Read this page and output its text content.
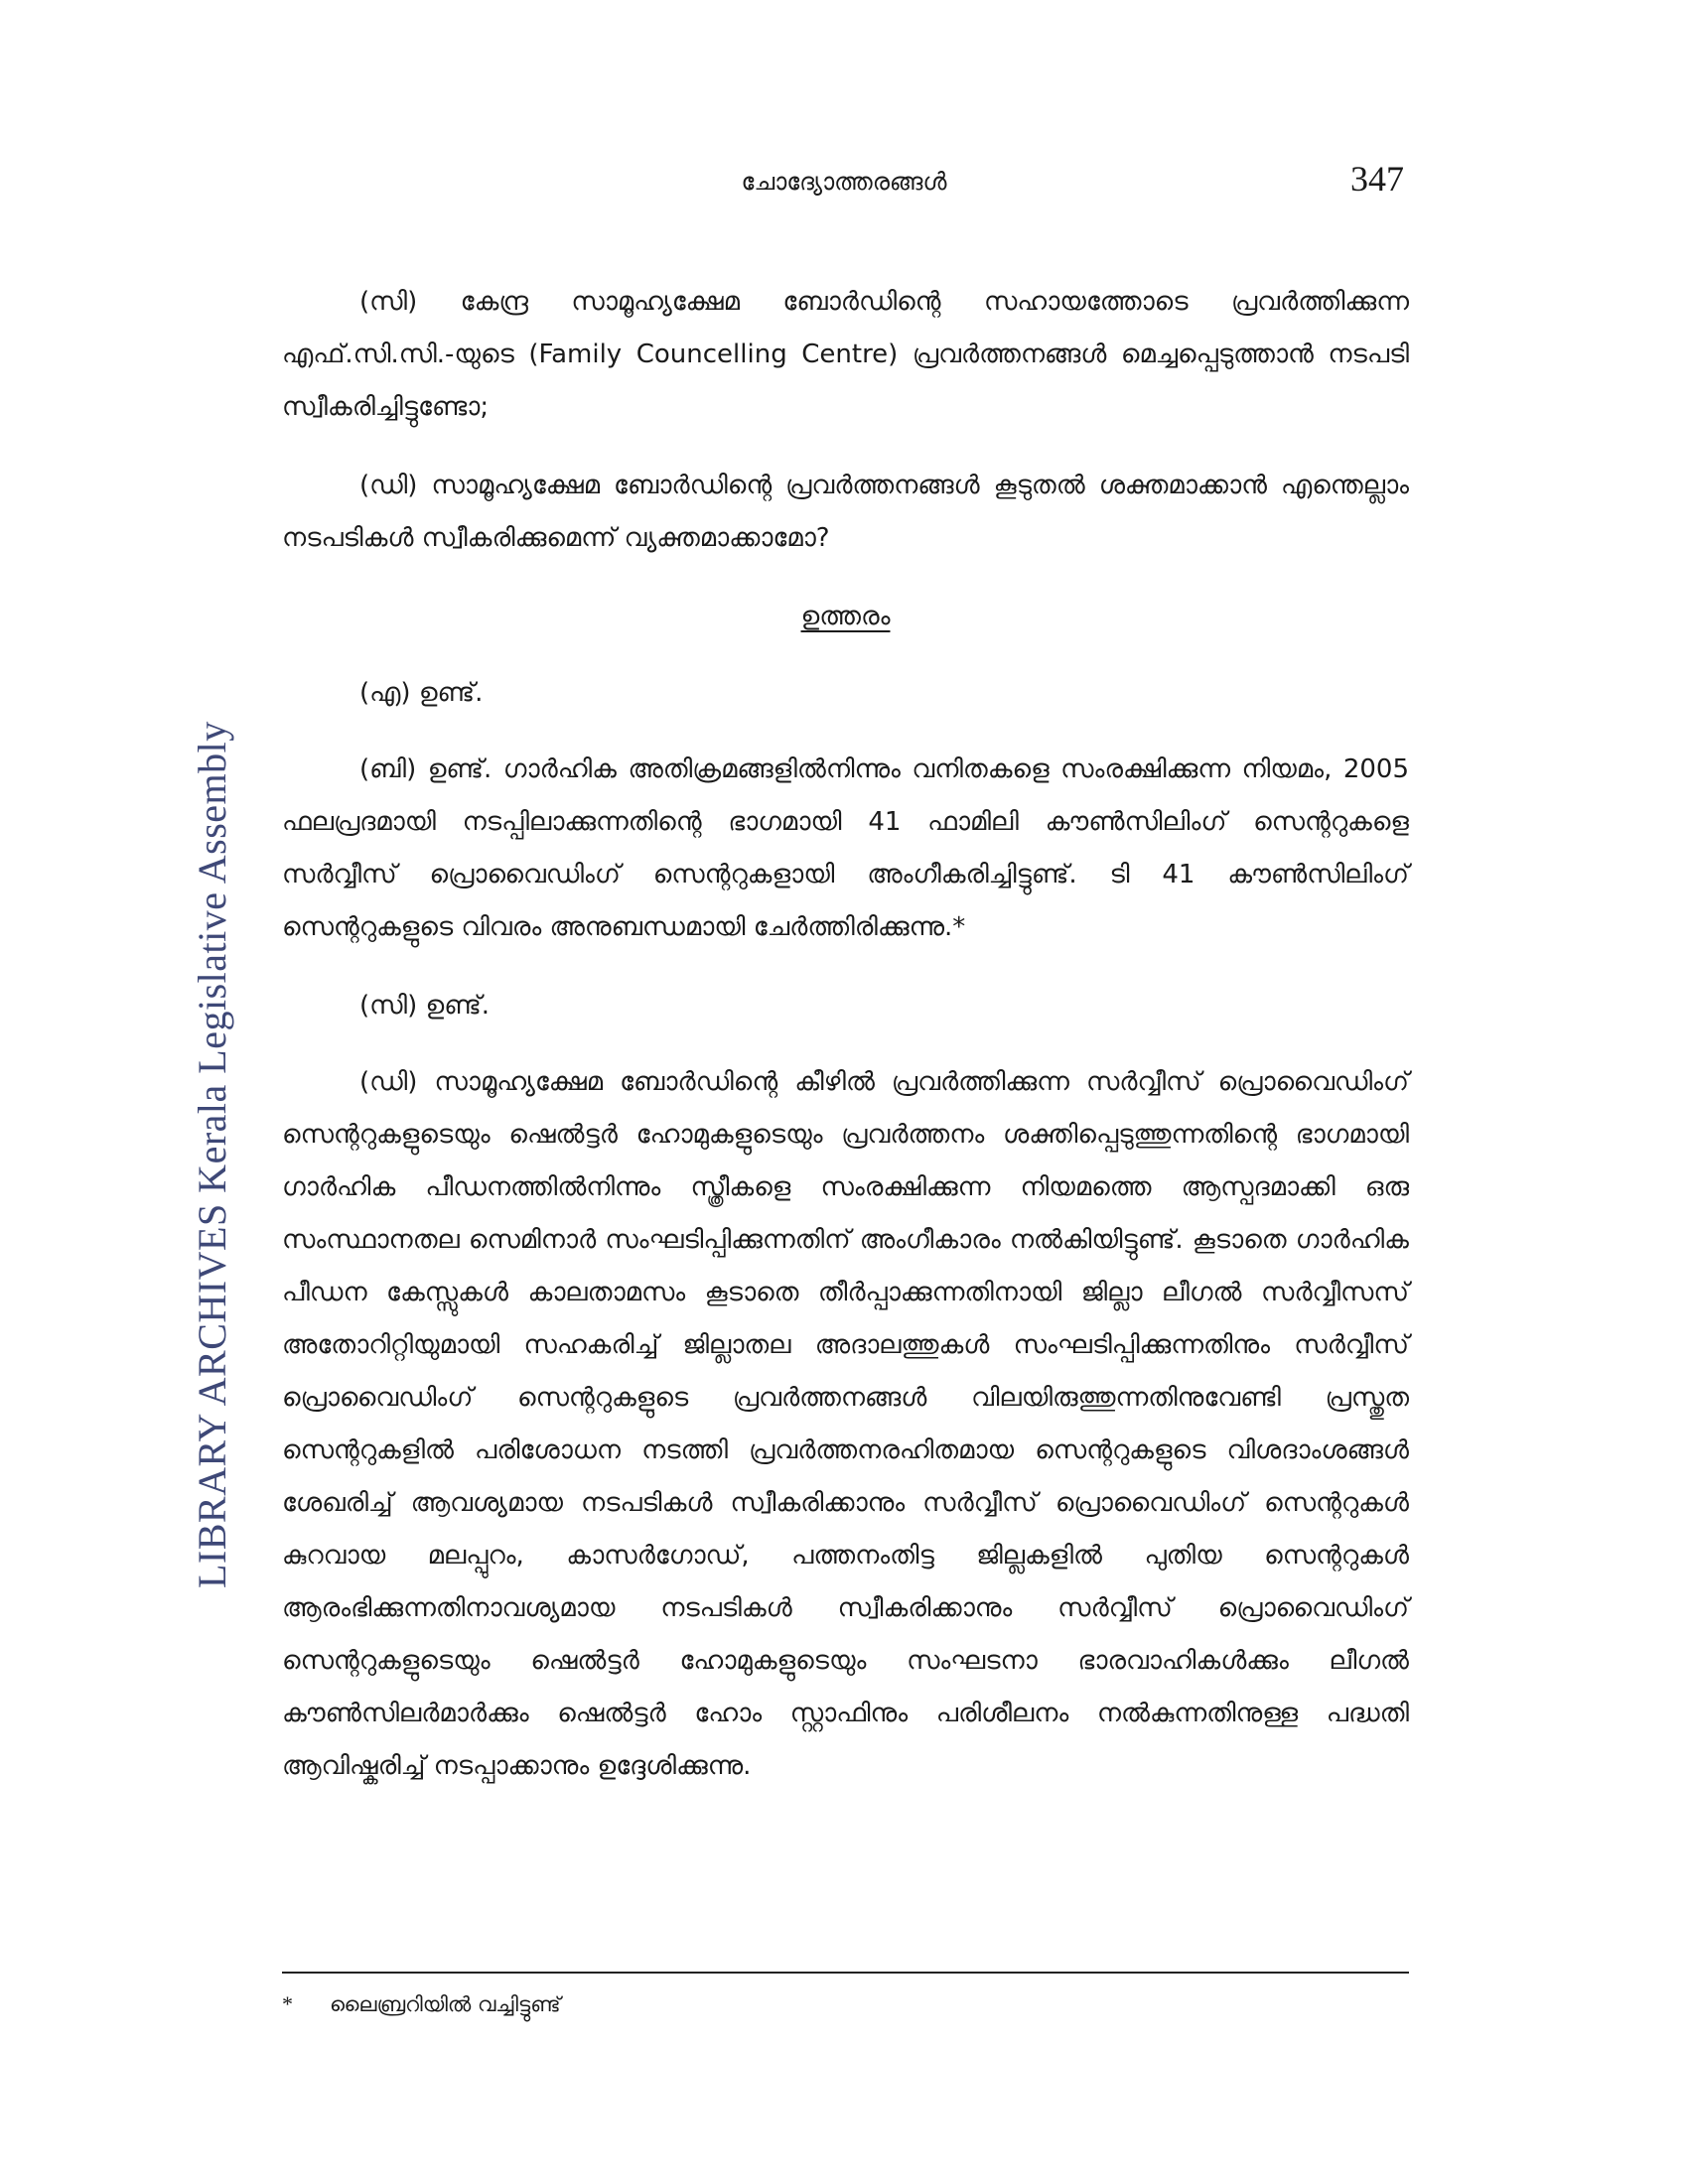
ചോദ്യോത്തരങ്ങൾ	347
LIBRARY ARCHIVES Kerala Legislative Assembly

(സി) കേന്ദ്ര സാമൂഹ്യക്ഷേമ ബോർഡിന്റെ സഹായത്തോടെ പ്രവർത്തിക്കുന്ന എഫ്.സി.സി.-യുടെ (Family Councelling Centre) പ്രവർത്തനങ്ങൾ മെച്ചപ്പെടുത്താൻ നടപടി സ്വീകരിച്ചിട്ടുണ്ടോ;

(ഡി) സാമൂഹ്യക്ഷേമ ബോർഡിന്റെ പ്രവർത്തനങ്ങൾ കൂടുതൽ ശക്തമാക്കാൻ എന്തെല്ലാം നടപടികൾ സ്വീകരിക്കുമെന്ന് വ്യക്തമാക്കാമോ?

ഉത്തരം

(എ) ഉണ്ട്.

(ബി) ഉണ്ട്. ഗാർഹിക അതിക്രമങ്ങളിൽനിന്നും വനിതകളെ സംരക്ഷിക്കുന്ന നിയമം, 2005 ഫലപ്രദമായി നടപ്പിലാക്കുന്നതിന്റെ ഭാഗമായി 41 ഫാമിലി കൗൺസിലിംഗ് സെന്ററുകളെ സർവ്വീസ് പ്രൊവൈഡിംഗ് സെന്ററുകളായി അംഗീകരിച്ചിട്ടുണ്ട്. ടി 41 കൗൺസിലിംഗ് സെന്ററുകളുടെ വിവരം അനുബന്ധമായി ചേർത്തിരിക്കുന്നു.*

(സി) ഉണ്ട്.

(ഡി) സാമൂഹ്യക്ഷേമ ബോർഡിന്റെ കീഴിൽ പ്രവർത്തിക്കുന്ന സർവ്വീസ് പ്രൊവൈഡിംഗ് സെന്ററുകളുടെയും ഷെൽട്ടർ ഹോമുകളുടെയും പ്രവർത്തനം ശക്തിപ്പെടുത്തുന്നതിന്റെ ഭാഗമായി ഗാർഹിക പീഡനത്തിൽനിന്നും സ്ത്രീകളെ സംരക്ഷിക്കുന്ന നിയമത്തെ ആസ്പദമാക്കി ഒരു സംസ്ഥാനതല സെമിനാർ സംഘടിപ്പിക്കുന്നതിന് അംഗീകാരം നൽകിയിട്ടുണ്ട്. കൂടാതെ ഗാർഹിക പീഡന കേസ്സുകൾ കാലതാമസം കൂടാതെ തീർപ്പാക്കുന്നതിനായി ജില്ലാ ലീഗൽ സർവ്വീസസ് അതോറിറ്റിയുമായി സഹകരിച്ച് ജില്ലാതല അദാലത്തുകൾ സംഘടിപ്പിക്കുന്നതിനും സർവ്വീസ് പ്രൊവൈഡിംഗ് സെന്ററുകളുടെ പ്രവർത്തനങ്ങൾ വിലയിരുത്തുന്നതിനുവേണ്ടി പ്രസ്തുത സെന്ററുകളിൽ പരിശോധന നടത്തി പ്രവർത്തനരഹിതമായ സെന്ററുകളുടെ വിശദാംശങ്ങൾ ശേഖരിച്ച് ആവശ്യമായ നടപടികൾ സ്വീകരിക്കാനും സർവ്വീസ് പ്രൊവൈഡിംഗ് സെന്ററുകൾ കുറവായ മലപ്പുറം, കാസർഗോഡ്, പത്തനംതിട്ട ജില്ലകളിൽ പുതിയ സെന്ററുകൾ ആരംഭിക്കുന്നതിനാവശ്യമായ നടപടികൾ സ്വീകരിക്കാനും സർവ്വീസ് പ്രൊവൈഡിംഗ് സെന്ററുകളുടെയും ഷെൽട്ടർ ഹോമുകളുടെയും സംഘടനാ ഭാരവാഹികൾക്കും ലീഗൽ കൗൺസിലർമാർക്കും ഷെൽട്ടർ ഹോം സ്റ്റാഫിനും പരിശീലനം നൽകുന്നതിനുള്ള പദ്ധതി ആവിഷ്കരിച്ച് നടപ്പാക്കാനും ഉദ്ദേശിക്കുന്നു.

*	ലൈബ്രറിയിൽ വച്ചിട്ടുണ്ട്
